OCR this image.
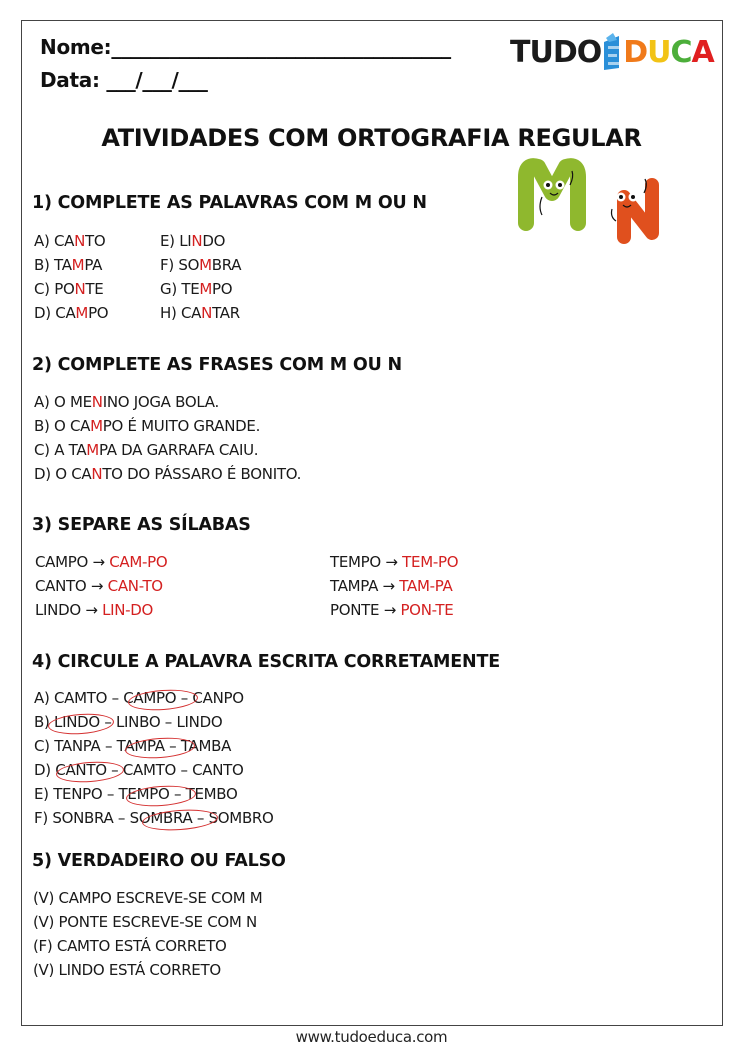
Nome:___________________________________
Data: ___/___/___
TUDO D U C A
ATIVIDADES COM ORTOGRAFIA REGULAR
1) COMPLETE AS PALAVRAS COM M OU N
A) CANTO
B) TAMPA
C) PONTE
D) CAMPO
E) LINDO
F) SOMBRA
G) TEMPO
H) CANTAR
2) COMPLETE AS FRASES COM M OU N
A) O MENINO JOGA BOLA.
B) O CAMPO É MUITO GRANDE.
C) A TAMPA DA GARRAFA CAIU.
D) O CANTO DO PÁSSARO É BONITO.
3) SEPARE AS SÍLABAS
CAMPO → CAM-PO
CANTO → CAN-TO
LINDO → LIN-DO
TEMPO → TEM-PO
TAMPA → TAM-PA
PONTE → PON-TE
4) CIRCULE A PALAVRA ESCRITA CORRETAMENTE
A) CAMTO – CAMPO – CANPO
B) LINDO – LINBO – LINDO
C) TANPA – TAMPA – TAMBA
D) CANTO – CAMTO – CANTO
E) TENPO – TEMPO – TEMBO
F) SONBRA – SOMBRA – SOMBRO
5) VERDADEIRO OU FALSO
(V) CAMPO ESCREVE-SE COM M
(V) PONTE ESCREVE-SE COM N
(F) CAMTO ESTÁ CORRETO
(V) LINDO ESTÁ CORRETO
www.tudoeduca.com
